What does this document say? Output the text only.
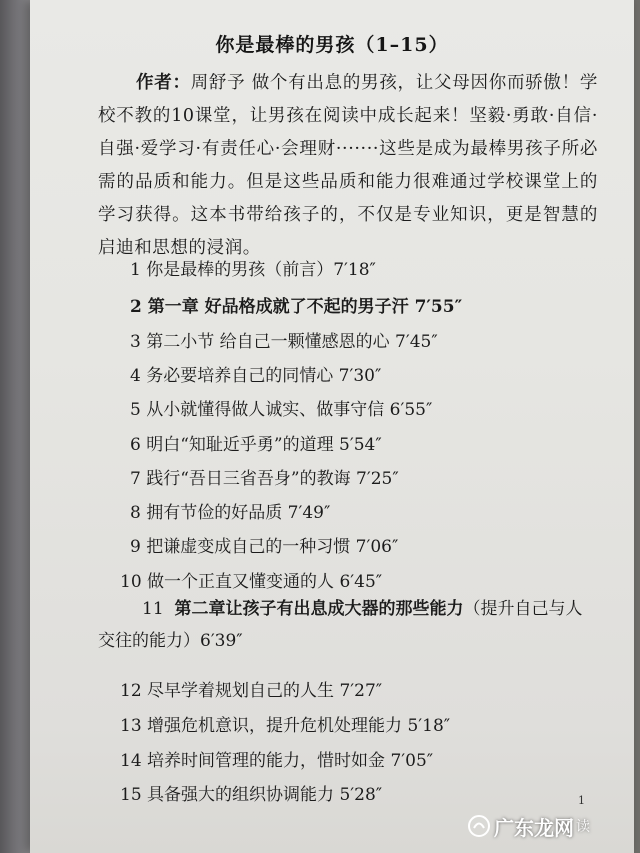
你是最棒的男孩（1–15）
作者：周舒予 做个有出息的男孩，让父母因你而骄傲！学校不教的10课堂，让男孩在阅读中成长起来！坚毅·勇敢·自信·自强·爱学习·有责任心·会理财·······这些是成为最棒男孩子所必需的品质和能力。但是这些品质和能力很难通过学校课堂上的学习获得。这本书带给孩子的，不仅是专业知识，更是智慧的启迪和思想的浸润。
1 你是最棒的男孩（前言）7′18″
2 第一章 好品格成就了不起的男子汗 7′55″
3 第二小节 给自己一颗懂感恩的心 7′45″
4 务必要培养自己的同情心 7′30″
5 从小就懂得做人诚实、做事守信 6′55″
6 明白“知耻近乎勇”的道理 5′54″
7 践行“吾日三省吾身”的教诲 7′25″
8 拥有节俭的好品质 7′49″
9 把谦虚变成自己的一种习惯 7′06″
10 做一个正直又懂变通的人 6′45″
11 第二章让孩子有出息成大器的那些能力（提升自己与人交往的能力）6′39″
12 尽早学着规划自己的人生 7′27″
13 增强危机意识，提升危机处理能力 5′18″
14 培养时间管理的能力，惜时如金 7′05″
15 具备强大的组织协调能力 5′28″	1
广东龙网 读
